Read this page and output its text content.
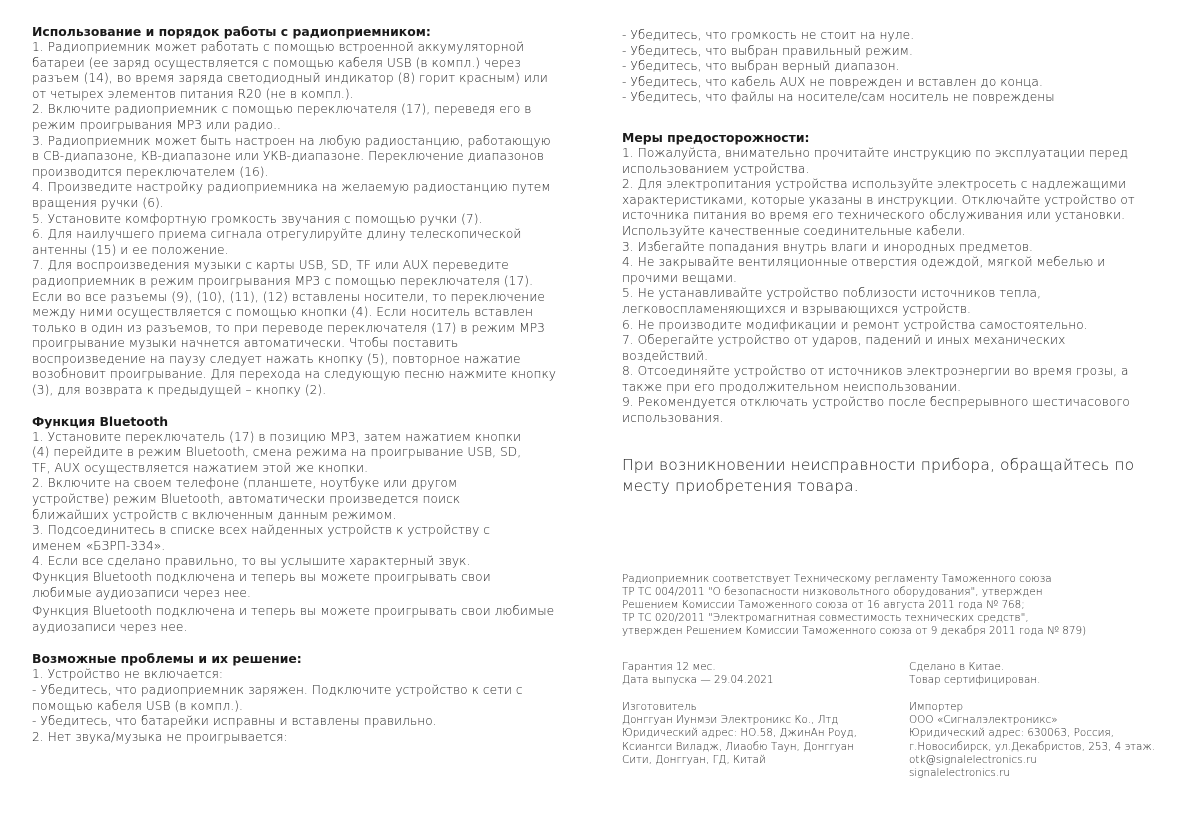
Использование и порядок работы с радиоприемником:
1. Радиоприемник может работать с помощью встроенной аккумуляторной
батареи (ее заряд осуществляется с помощью кабеля USB (в компл.) через
разъем (14), во время заряда светодиодный индикатор (8) горит красным) или
от четырех элементов питания R20 (не в компл.).
2. Включите радиоприемник с помощью переключателя (17), переведя его в
режим проигрывания MP3 или радио..
3. Радиоприемник может быть настроен на любую радиостанцию, работающую
в СВ-диапазоне, КВ-диапазоне или УКВ-диапазоне. Переключение диапазонов
производится переключателем (16).
4. Произведите настройку радиоприемника на желаемую радиостанцию путем
вращения ручки (6).
5. Установите комфортную громкость звучания с помощью ручки (7).
6. Для наилучшего приема сигнала отрегулируйте длину телескопической
антенны (15) и ее положение.
7. Для воспроизведения музыки с карты USB, SD, TF или AUX переведите
радиоприемник в режим проигрывания MP3 с помощью переключателя (17).
Если во все разъемы (9), (10), (11), (12) вставлены носители, то переключение
между ними осуществляется с помощью кнопки (4). Если носитель вставлен
только в один из разъемов, то при переводе переключателя (17) в режим MP3
проигрывание музыки начнется автоматически. Чтобы поставить
воспроизведение на паузу следует нажать кнопку (5), повторное нажатие
возобновит проигрывание. Для перехода на следующую песню нажмите кнопку
(3), для возврата к предыдущей – кнопку (2).
Функция Bluetooth
1. Установите переключатель (17) в позицию MP3, затем нажатием кнопки
(4) перейдите в режим Bluetooth, смена режима на проигрывание USB, SD,
TF, AUX осуществляется нажатием этой же кнопки.
2. Включите на своем телефоне (планшете, ноутбуке или другом
устройстве) режим Bluetooth, автоматически произведется поиск
ближайших устройств с включенным данным режимом.
3. Подсоединитесь в списке всех найденных устройств к устройству с
именем «БЗРП-334».
4. Если все сделано правильно, то вы услышите характерный звук.
Функция Bluetooth подключена и теперь вы можете проигрывать свои
любимые аудиозаписи через нее.
Функция Bluetooth подключена и теперь вы можете проигрывать свои любимые
аудиозаписи через нее.
Возможные проблемы и их решение:
1. Устройство не включается:
- Убедитесь, что радиоприемник заряжен. Подключите устройство к сети с
помощью кабеля USB (в компл.).
- Убедитесь, что батарейки исправны и вставлены правильно.
2. Нет звука/музыка не проигрывается:
- Убедитесь, что громкость не стоит на нуле.
- Убедитесь, что выбран правильный режим.
- Убедитесь, что выбран верный диапазон.
- Убедитесь, что кабель AUX не поврежден и вставлен до конца.
- Убедитесь, что файлы на носителе/сам носитель не повреждены
Меры предосторожности:
1. Пожалуйста, внимательно прочитайте инструкцию по эксплуатации перед
использованием устройства.
2. Для электропитания устройства используйте электросеть с надлежащими
характеристиками, которые указаны в инструкции. Отключайте устройство от
источника питания во время его технического обслуживания или установки.
Используйте качественные соединительные кабели.
3. Избегайте попадания внутрь влаги и инородных предметов.
4. Не закрывайте вентиляционные отверстия одеждой, мягкой мебелью и
прочими вещами.
5. Не устанавливайте устройство поблизости источников тепла,
легковоспламеняющихся и взрывающихся устройств.
6. Не производите модификации и ремонт устройства самостоятельно.
7. Оберегайте устройство от ударов, падений и иных механических
воздействий.
8. Отсоединяйте устройство от источников электроэнергии во время грозы, а
также при его продолжительном неиспользовании.
9. Рекомендуется отключать устройство после беспрерывного шестичасового
использования.
При возникновении неисправности прибора, обращайтесь по месту приобретения товара.
Радиоприемник соответствует Техническому регламенту Таможенного союза
ТР ТС 004/2011 "О безопасности низковольтного оборудования", утвержден
Решением Комиссии Таможенного союза от 16 августа 2011 года № 768;
ТР ТС 020/2011 "Электромагнитная совместимость технических средств",
утвержден Решением Комиссии Таможенного союза от 9 декабря 2011 года № 879)
Гарантия 12 мес.
Дата выпуска — 29.04.2021
Изготовитель
Донггуан Иунмэи Электроникс Ко., Лтд
Юридический адрес: НО.58, ДжинАн Роуд,
Ксиангси Виладж, Лиаобю Таун, Донггуан
Сити, Донггуан, ГД, Китай
Сделано в Китае.
Товар сертифицирован.
Импортер
ООО «Сигналэлектроникс»
Юридический адрес: 630063, Россия,
г.Новосибирск, ул.Декабристов, 253, 4 этаж.
otk@signalelectronics.ru
signalelectronics.ru
